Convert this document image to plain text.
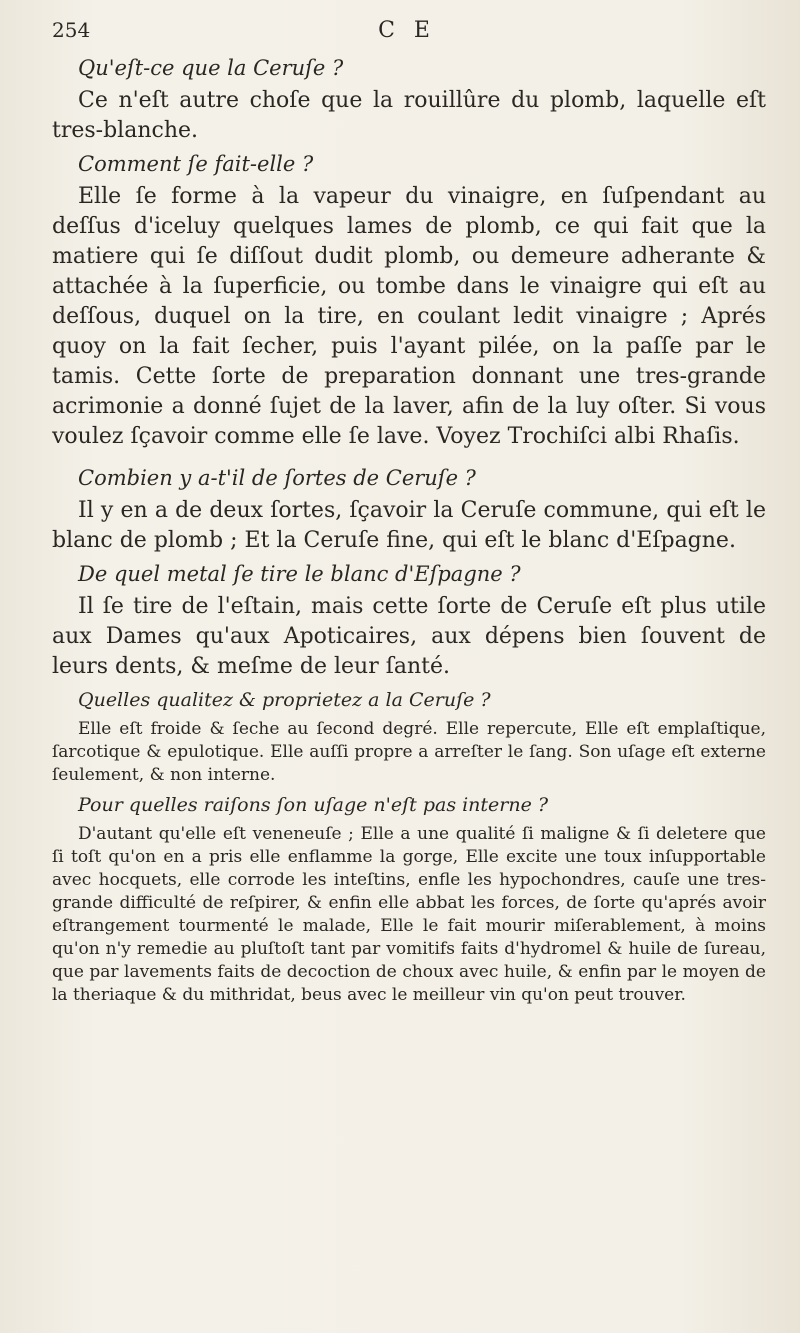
254	C E

Qu'eſt-ce que la Ceruſe ?

Ce n'eſt autre choſe que la rouillûre du plomb, laquelle eſt tres-blanche.

Comment ſe fait-elle ?

Elle ſe forme à la vapeur du vinaigre, en ſuſpendant au deſſus d'iceluy quelques lames de plomb, ce qui fait que la matiere qui ſe diſſout dudit plomb, ou demeure adherante & attachée à la ſuperficie, ou tombe dans le vinaigre qui eſt au deſſous, duquel on la tire, en coulant ledit vinaigre ; Aprés quoy on la fait ſecher, puis l'ayant pilée, on la paſſe par le tamis. Cette ſorte de preparation donnant une tres-grande acrimonie a donné ſujet de la laver, afin de la luy oſter. Si vous voulez ſçavoir comme elle ſe lave. Voyez Trochiſci albi Rhaſis.

Combien y a-t'il de ſortes de Ceruſe ?

Il y en a de deux ſortes, ſçavoir la Ceruſe commune, qui eſt le blanc de plomb ; Et la Ceruſe fine, qui eſt le blanc d'Eſpagne.

De quel metal ſe tire le blanc d'Eſpagne ?

Il ſe tire de l'eſtain, mais cette ſorte de Ceruſe eſt plus utile aux Dames qu'aux Apoticaires, aux dépens bien ſouvent de leurs dents, & meſme de leur ſanté.

Quelles qualitez & proprietez a la Ceruſe ?

Elle eſt froide & ſeche au ſecond degré. Elle repercute, Elle eſt emplaſtique, ſarcotique & epulotique. Elle auſſi propre a arreſter le ſang. Son uſage eſt externe ſeulement, & non interne.

Pour quelles raiſons ſon uſage n'eſt pas interne ?

D'autant qu'elle eſt veneneuſe ; Elle a une qualité ſi maligne & ſi deletere que ſi toſt qu'on en a pris elle enflamme la gorge, Elle excite une toux inſupportable avec hocquets, elle corrode les inteſtins, enfle les hypochondres, cauſe une tres-grande difficulté de reſpirer, & enfin elle abbat les forces, de ſorte qu'aprés avoir eſtrangement tourmenté le malade, Elle le fait mourir miſerablement, à moins qu'on n'y remedie au pluſtoſt tant par vomitifs faits d'hydromel & huile de ſureau, que par lavements faits de decoction de choux avec huile, & enfin par le moyen de la theriaque & du mithridat, beus avec le meilleur vin qu'on peut trouver.
